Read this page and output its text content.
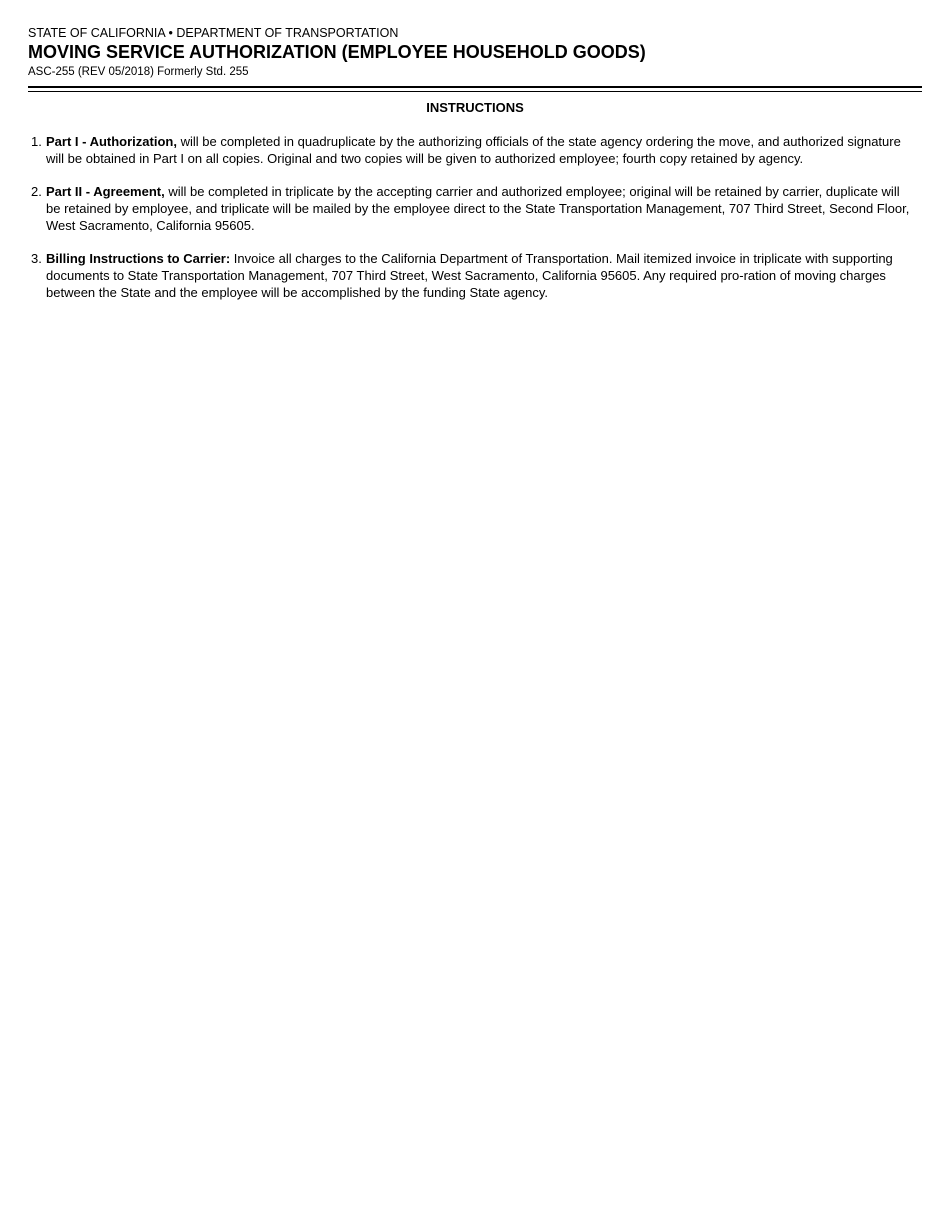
STATE OF CALIFORNIA • DEPARTMENT OF TRANSPORTATION
MOVING SERVICE AUTHORIZATION (EMPLOYEE HOUSEHOLD GOODS)
ASC-255 (REV 05/2018) Formerly Std. 255
INSTRUCTIONS
1. Part I - Authorization, will be completed in quadruplicate by the authorizing officials of the state agency ordering the move, and authorized signature will be obtained in Part I on all copies. Original and two copies will be given to authorized employee; fourth copy retained by agency.
2. Part II - Agreement, will be completed in triplicate by the accepting carrier and authorized employee; original will be retained by carrier, duplicate will be retained by employee, and triplicate will be mailed by the employee direct to the State Transportation Management, 707 Third Street, Second Floor, West Sacramento, California 95605.
3. Billing Instructions to Carrier: Invoice all charges to the California Department of Transportation. Mail itemized invoice in triplicate with supporting documents to State Transportation Management, 707 Third Street, West Sacramento, California 95605. Any required pro-ration of moving charges between the State and the employee will be accomplished by the funding State agency.
